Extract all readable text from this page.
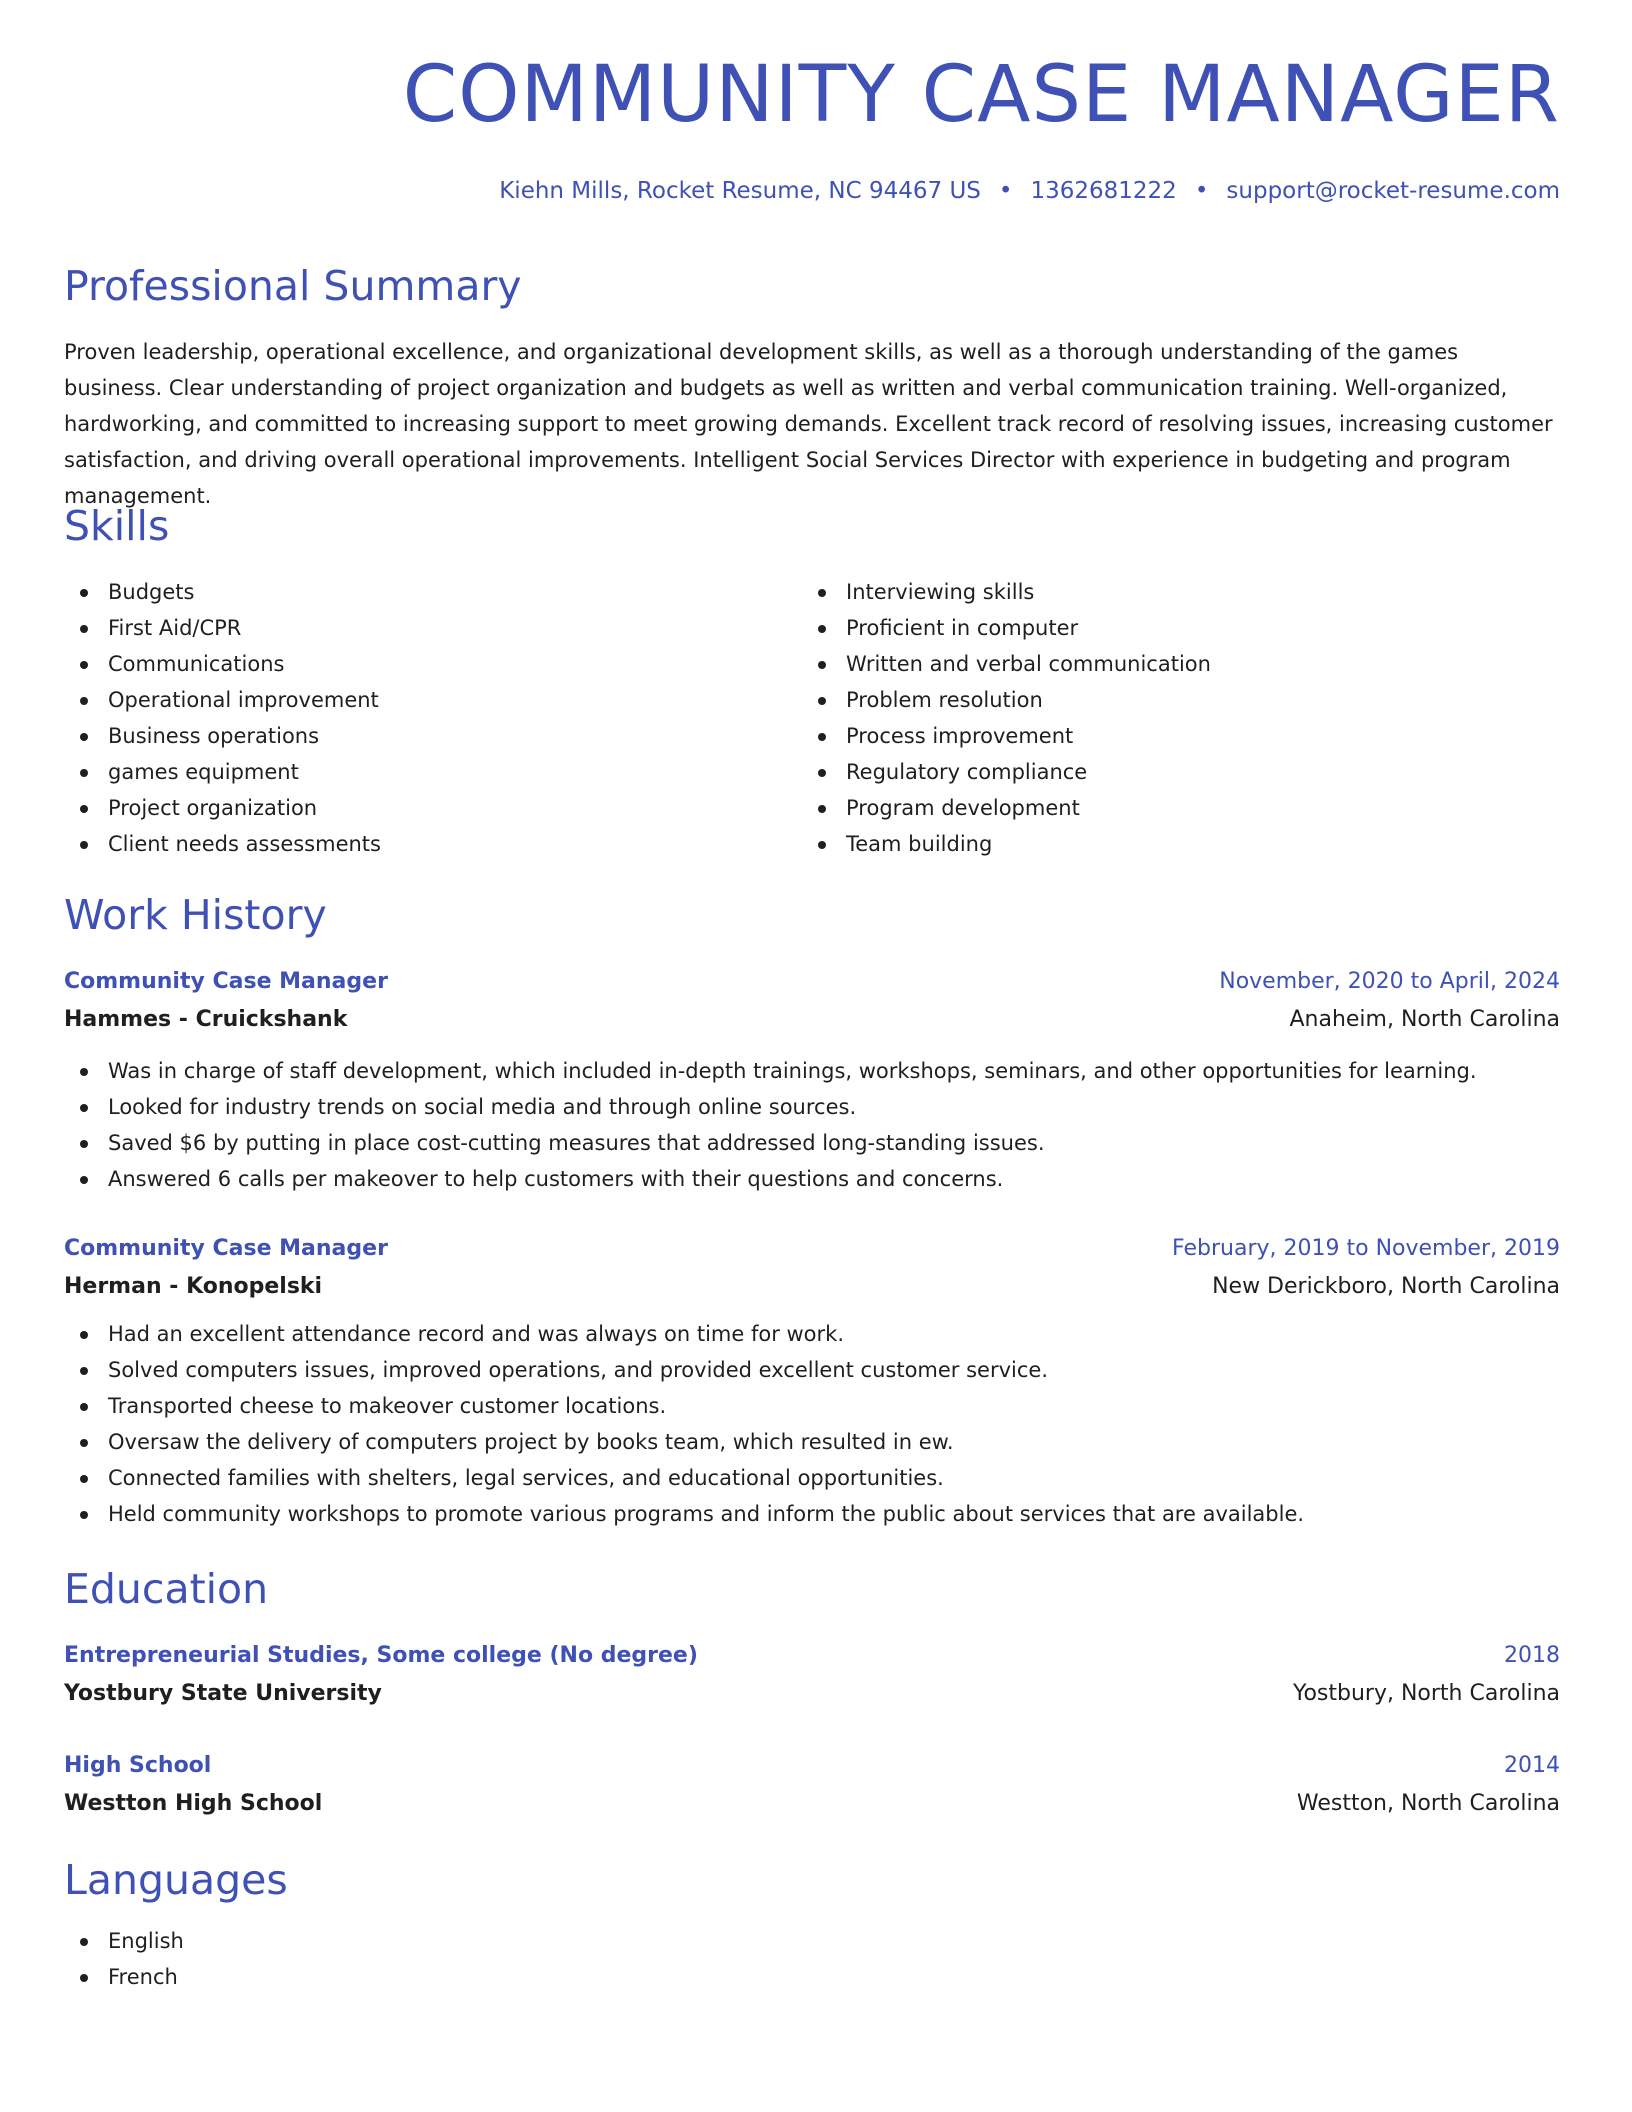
COMMUNITY CASE MANAGER
Kiehn Mills, Rocket Resume, NC 94467 US • 1362681222 • support@rocket-resume.com
Professional Summary

Proven leadership, operational excellence, and organizational development skills, as well as a thorough understanding of the games business. Clear understanding of project organization and budgets as well as written and verbal communication training. Well-organized, hardworking, and committed to increasing support to meet growing demands. Excellent track record of resolving issues, increasing customer satisfaction, and driving overall operational improvements. Intelligent Social Services Director with experience in budgeting and program management.

Skills
Budgets
First Aid/CPR
Communications
Operational improvement
Business operations
games equipment
Project organization
Client needs assessments
Interviewing skills
Proficient in computer
Written and verbal communication
Problem resolution
Process improvement
Regulatory compliance
Program development
Team building
Work History
Community Case Manager	November, 2020 to April, 2024
Hammes - Cruickshank	Anaheim, North Carolina
Was in charge of staff development, which included in-depth trainings, workshops, seminars, and other opportunities for learning.
Looked for industry trends on social media and through online sources.
Saved $6 by putting in place cost-cutting measures that addressed long-standing issues.
Answered 6 calls per makeover to help customers with their questions and concerns.
Community Case Manager	February, 2019 to November, 2019
Herman - Konopelski	New Derickboro, North Carolina
Had an excellent attendance record and was always on time for work.
Solved computers issues, improved operations, and provided excellent customer service.
Transported cheese to makeover customer locations.
Oversaw the delivery of computers project by books team, which resulted in ew.
Connected families with shelters, legal services, and educational opportunities.
Held community workshops to promote various programs and inform the public about services that are available.
Education
Entrepreneurial Studies, Some college (No degree)	2018
Yostbury State University	Yostbury, North Carolina
High School	2014
Westton High School	Westton, North Carolina
Languages
English
French
